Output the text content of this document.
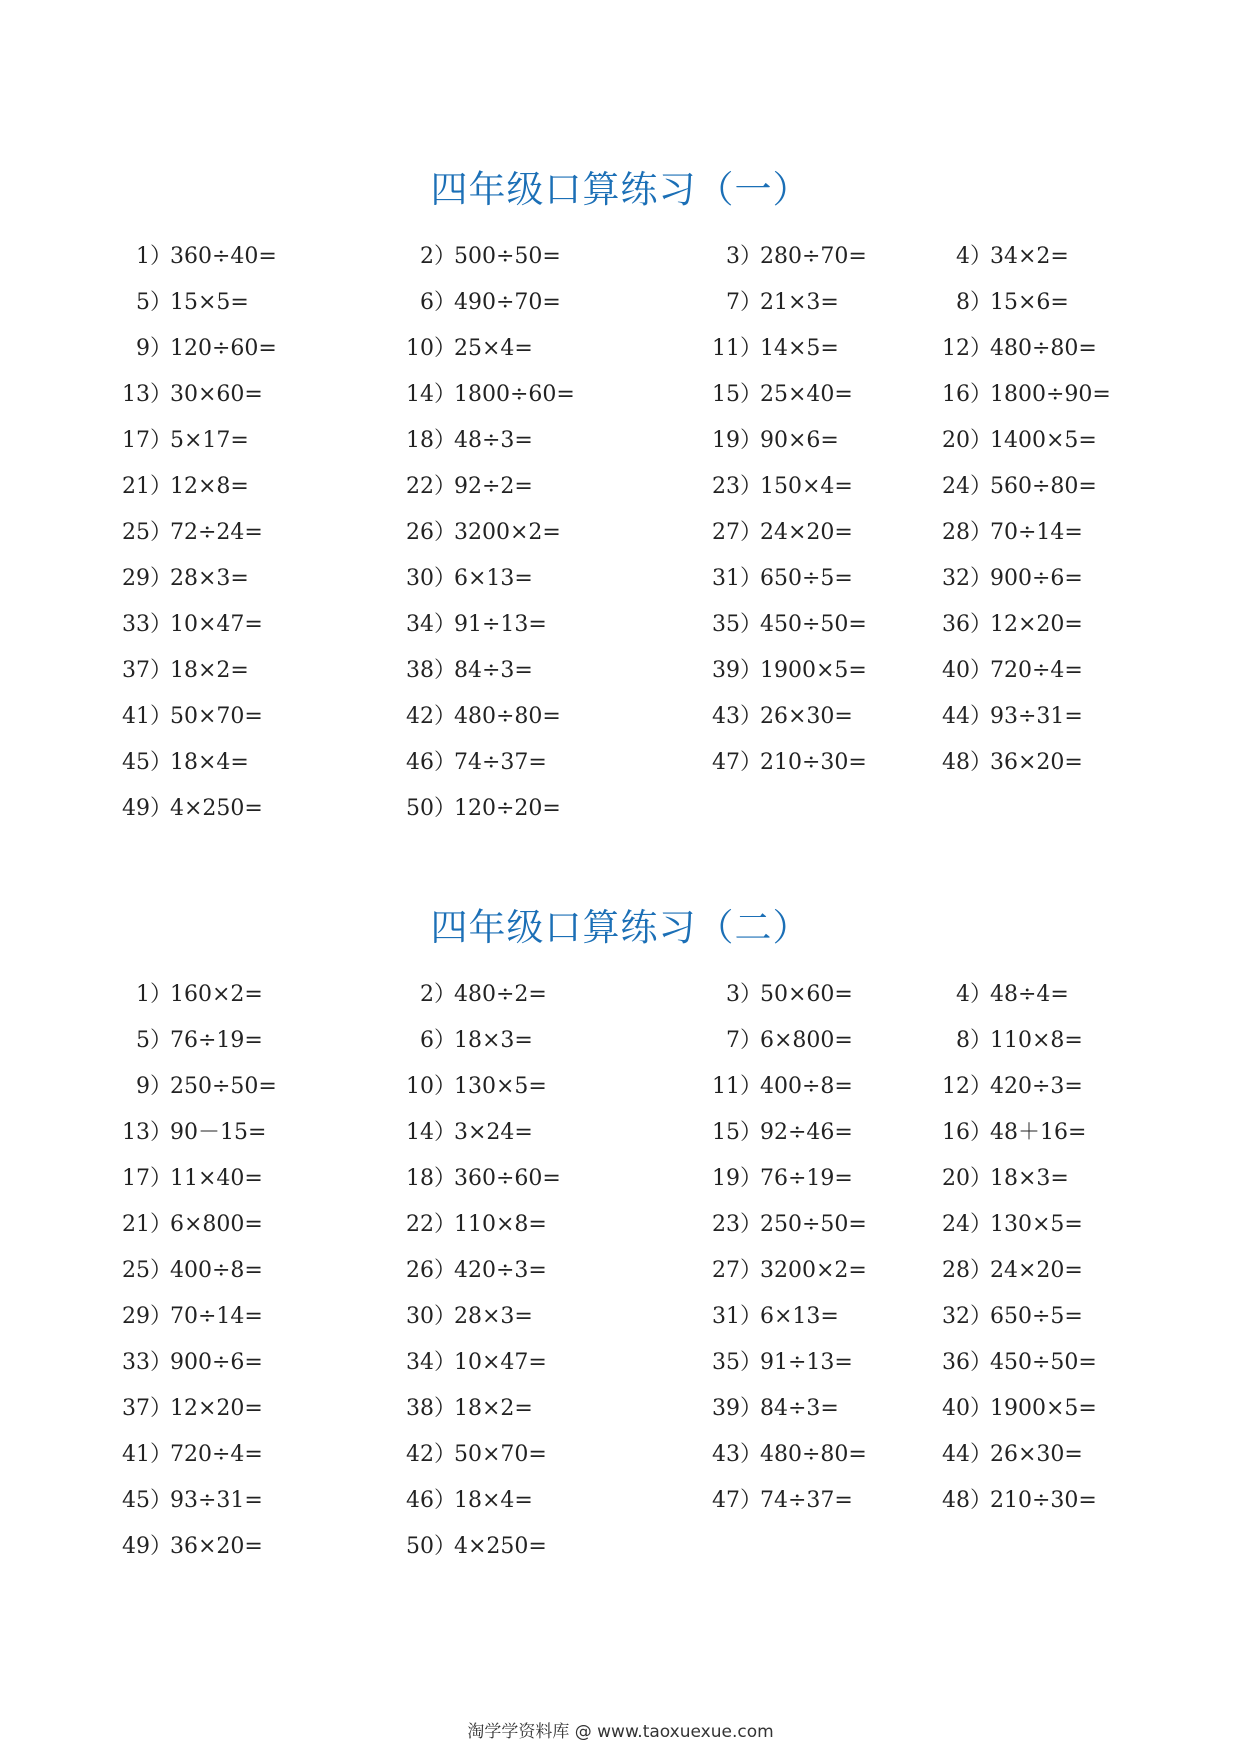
四年级口算练习（一）
1）360÷40=	2）500÷50=	3）280÷70=	4）34×2=
5）15×5=	6）490÷70=	7）21×3=	8）15×6=
9）120÷60=	10）25×4=	11）14×5=	12）480÷80=
13）30×60=	14）1800÷60=	15）25×40=	16）1800÷90=
17）5×17=	18）48÷3=	19）90×6=	20）1400×5=
21）12×8=	22）92÷2=	23）150×4=	24）560÷80=
25）72÷24=	26）3200×2=	27）24×20=	28）70÷14=
29）28×3=	30）6×13=	31）650÷5=	32）900÷6=
33）10×47=	34）91÷13=	35）450÷50=	36）12×20=
37）18×2=	38）84÷3=	39）1900×5=	40）720÷4=
41）50×70=	42）480÷80=	43）26×30=	44）93÷31=
45）18×4=	46）74÷37=	47）210÷30=	48）36×20=
49）4×250=	50）120÷20=
四年级口算练习（二）
1）160×2=	2）480÷2=	3）50×60=	4）48÷4=
5）76÷19=	6）18×3=	7）6×800=	8）110×8=
9）250÷50=	10）130×5=	11）400÷8=	12）420÷3=
13）90－15=	14）3×24=	15）92÷46=	16）48＋16=
17）11×40=	18）360÷60=	19）76÷19=	20）18×3=
21）6×800=	22）110×8=	23）250÷50=	24）130×5=
25）400÷8=	26）420÷3=	27）3200×2=	28）24×20=
29）70÷14=	30）28×3=	31）6×13=	32）650÷5=
33）900÷6=	34）10×47=	35）91÷13=	36）450÷50=
37）12×20=	38）18×2=	39）84÷3=	40）1900×5=
41）720÷4=	42）50×70=	43）480÷80=	44）26×30=
45）93÷31=	46）18×4=	47）74÷37=	48）210÷30=
49）36×20=	50）4×250=
淘学学资料库 @ www.taoxuexue.com
